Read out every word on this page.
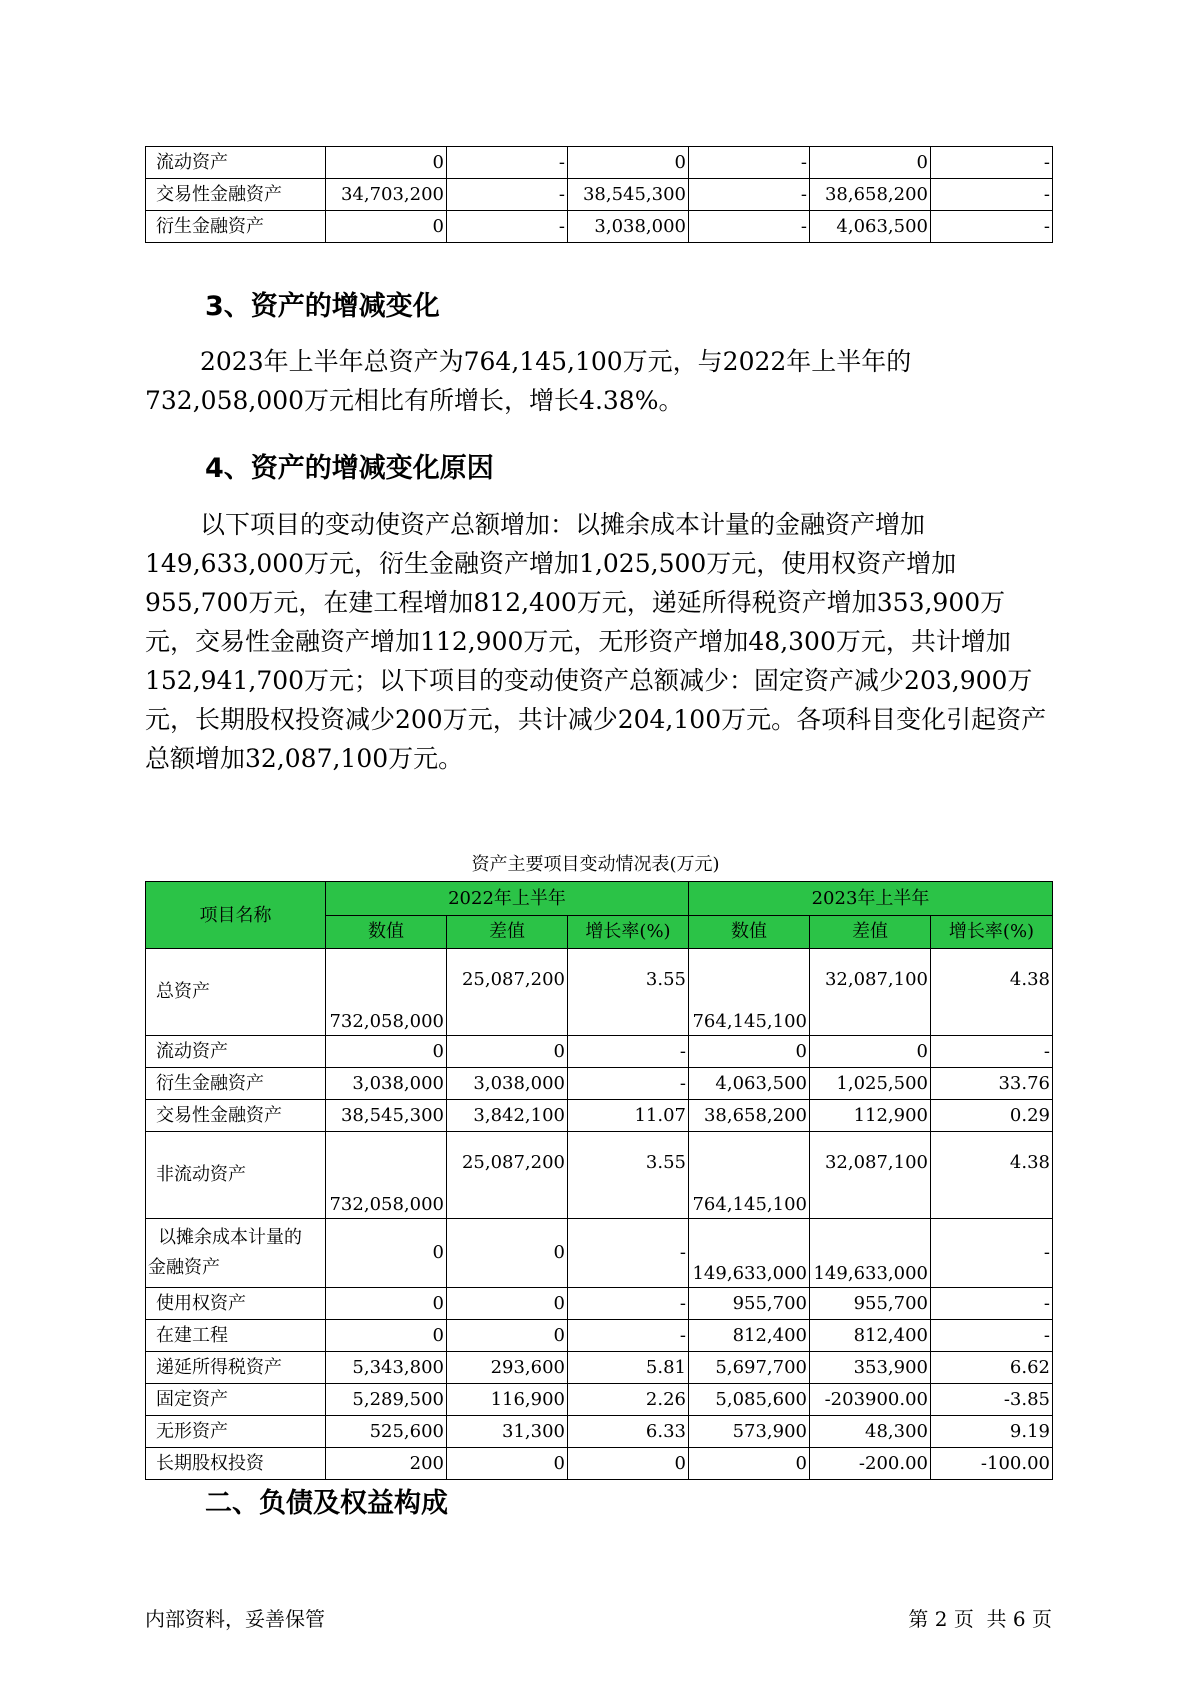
流动资产	0	-	0	-	0	-
交易性金融资产	34,703,200	-	38,545,300	-	38,658,200	-
衍生金融资产	0	-	3,038,000	-	4,063,500	-
3、资产的增减变化

2023年上半年总资产为764,145,100万元，与2022年上半年的732,058,000万元相比有所增长，增长4.38%。

4、资产的增减变化原因

以下项目的变动使资产总额增加：以摊余成本计量的金融资产增加149,633,000万元，衍生金融资产增加1,025,500万元，使用权资产增加955,700万元，在建工程增加812,400万元，递延所得税资产增加353,900万元，交易性金融资产增加112,900万元，无形资产增加48,300万元，共计增加152,941,700万元；以下项目的变动使资产总额减少：固定资产减少203,900万元，长期股权投资减少200万元，共计减少204,100万元。各项科目变化引起资产总额增加32,087,100万元。

资产主要项目变动情况表(万元)
项目名称	2022年上半年			2023年上半年		
	数值	差值	增长率(%)	数值	差值	增长率(%)
总资产	732,058,000	25,087,200	3.55	764,145,100	32,087,100	4.38
流动资产	0	0	-	0	0	-
衍生金融资产	3,038,000	3,038,000	-	4,063,500	1,025,500	33.76
交易性金融资产	38,545,300	3,842,100	11.07	38,658,200	112,900	0.29
非流动资产	732,058,000	25,087,200	3.55	764,145,100	32,087,100	4.38

以摊余成本计量的
金融资产	0	0	-	149,633,000	149,633,000	-
使用权资产	0	0	-	955,700	955,700	-
在建工程	0	0	-	812,400	812,400	-
递延所得税资产	5,343,800	293,600	5.81	5,697,700	353,900	6.62
固定资产	5,289,500	116,900	2.26	5,085,600	-203900.00	-3.85
无形资产	525,600	31,300	6.33	573,900	48,300	9.19
长期股权投资	200	0	0	0	-200.00	-100.00
二、负债及权益构成
内部资料，妥善保管	第 2 页  共 6 页
